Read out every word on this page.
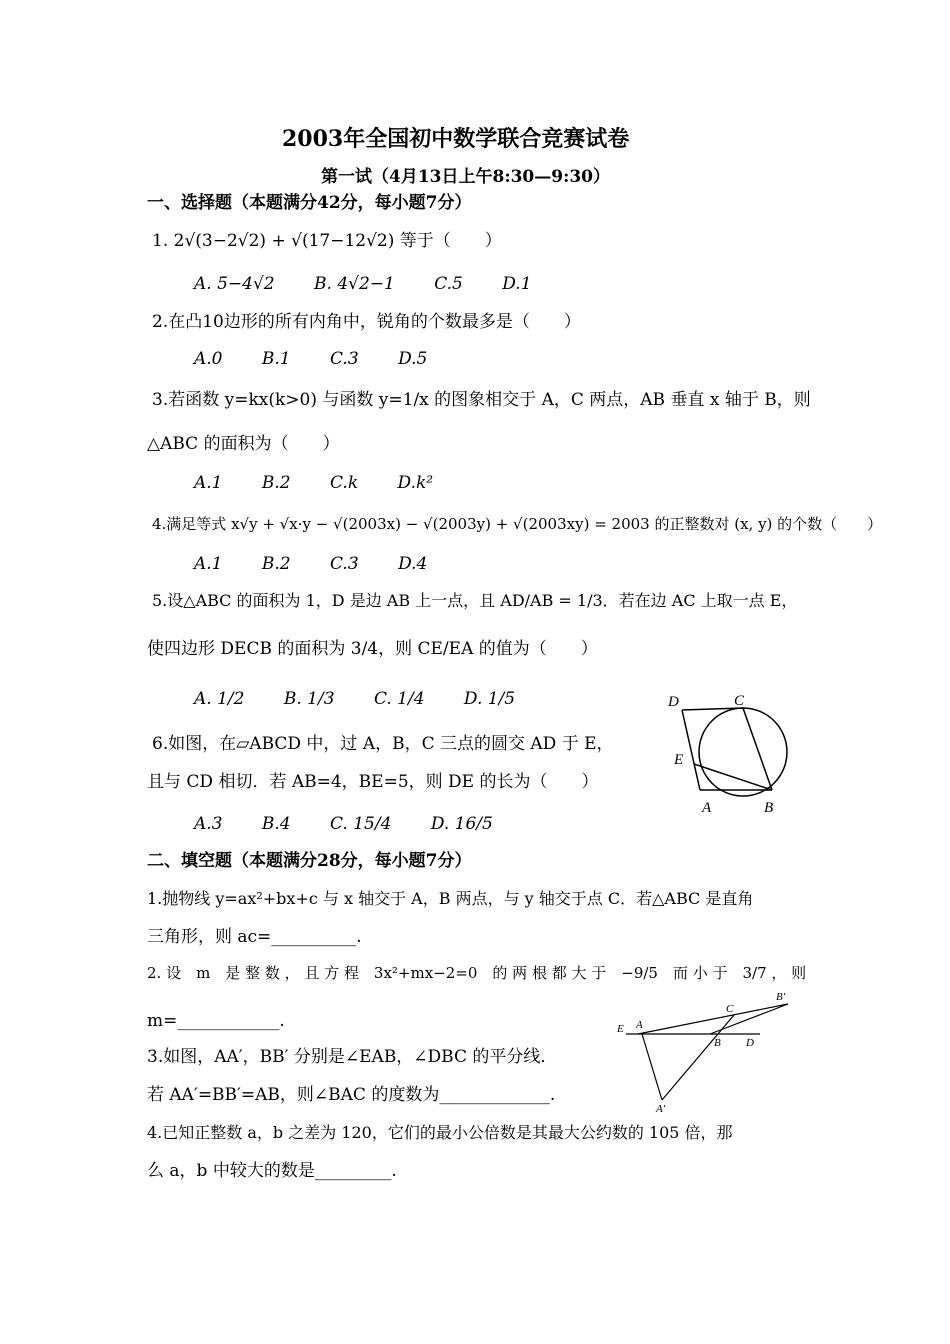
2003年全国初中数学联合竞赛试卷
第一试（4月13日上午8:30—9:30）
一、选择题（本题满分42分，每小题7分）
1. 2√(3−2√2) + √(17−12√2) 等于（　　）
A. 5−4√2 B. 4√2−1 C.5 D.1
2.在凸10边形的所有内角中，锐角的个数最多是（　　）
A.0 B.1 C.3 D.5
3.若函数 y=kx(k>0) 与函数 y=1/x 的图象相交于 A，C 两点，AB 垂直 x 轴于 B，则
△ABC 的面积为（　　）
A.1 B.2 C.k D.k²
4.满足等式 x√y + √x·y − √(2003x) − √(2003y) + √(2003xy) = 2003 的正整数对 (x, y) 的个数（　　）
A.1 B.2 C.3 D.4
5.设△ABC 的面积为 1，D 是边 AB 上一点，且 AD/AB = 1/3．若在边 AC 上取一点 E，
使四边形 DECB 的面积为 3/4，则 CE/EA 的值为（　　）
A. 1/2 B. 1/3 C. 1/4 D. 1/5
6.如图，在▱ABCD 中，过 A，B，C 三点的圆交 AD 于 E，
且与 CD 相切．若 AB=4，BE=5，则 DE 的长为（　　）
A.3 B.4 C. 15/4 D. 16/5
D	C
E
A	B
二、填空题（本题满分28分，每小题7分）
1.抛物线 y=ax²+bx+c 与 x 轴交于 A，B 两点，与 y 轴交于点 C．若△ABC 是直角
三角形，则 ac=__________.
2. 设　m　是 整 数 ， 且 方 程　3x²+mx−2=0　的 两 根 都 大 于　−9/5　而 小 于　3/7 ， 则
m=____________.
3.如图，AA′，BB′ 分别是∠EAB，∠DBC 的平分线．
若 AA′=BB′=AB，则∠BAC 的度数为_____________.
E A
C
B′
B D
A′
4.已知正整数 a，b 之差为 120，它们的最小公倍数是其最大公约数的 105 倍，那
么 a，b 中较大的数是_________.
